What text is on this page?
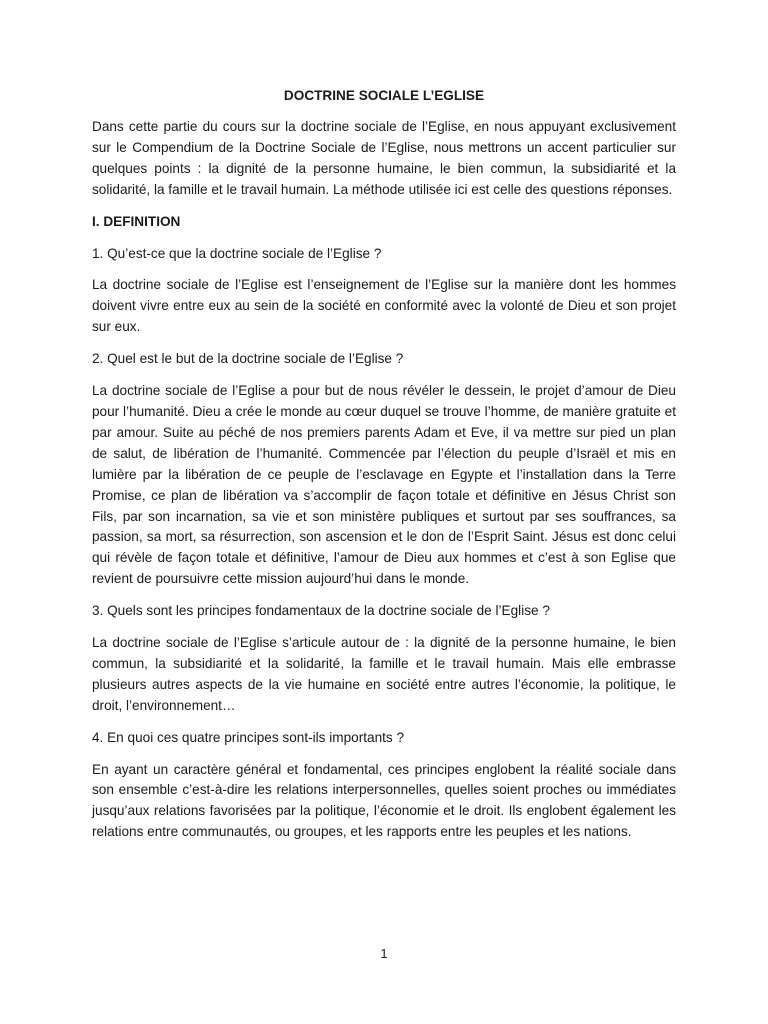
DOCTRINE SOCIALE L’EGLISE

Dans cette partie du cours sur la doctrine sociale de l’Eglise, en nous appuyant exclusivement sur le Compendium de la Doctrine Sociale de l’Eglise, nous mettrons un accent particulier sur quelques points : la dignité de la personne humaine, le bien commun, la subsidiarité et la solidarité, la famille et le travail humain. La méthode utilisée ici est celle des questions réponses.

I. DEFINITION

1. Qu’est-ce que la doctrine sociale de l’Eglise ?

La doctrine sociale de l’Eglise est l’enseignement de l’Eglise sur la manière dont les hommes doivent vivre entre eux au sein de la société en conformité avec la volonté de Dieu et son projet sur eux.

2. Quel est le but de la doctrine sociale de l’Eglise ?

La doctrine sociale de l’Eglise a pour but de nous révéler le dessein, le projet d’amour de Dieu pour l’humanité. Dieu a crée le monde au cœur duquel se trouve l’homme, de manière gratuite et par amour. Suite au péché de nos premiers parents Adam et Eve, il va mettre sur pied un plan de salut, de libération de l’humanité. Commencée par l’élection du peuple d’Israël et mis en lumière par la libération de ce peuple de l’esclavage en Egypte et l’installation dans la Terre Promise, ce plan de libération va s’accomplir de façon totale et définitive en Jésus Christ son Fils, par son incarnation, sa vie et son ministère publiques et surtout par ses souffrances, sa passion, sa mort, sa résurrection, son ascension et le don de l’Esprit Saint. Jésus est donc celui qui révèle de façon totale et définitive, l’amour de Dieu aux hommes et c’est à son Eglise que revient de poursuivre cette mission aujourd’hui dans le monde.

3. Quels sont les principes fondamentaux de la doctrine sociale de l’Eglise ?

La doctrine sociale de l’Eglise s’articule autour de : la dignité de la personne humaine, le bien commun, la subsidiarité et la solidarité, la famille et le travail humain. Mais elle embrasse plusieurs autres aspects de la vie humaine en société entre autres l’économie, la politique, le droit, l’environnement…

4. En quoi ces quatre principes sont-ils importants ?

En ayant un caractère général et fondamental, ces principes englobent la réalité sociale dans son ensemble c’est-à-dire les relations interpersonnelles, quelles soient proches ou immédiates jusqu’aux relations favorisées par la politique, l’économie et le droit. Ils englobent également les relations entre communautés, ou groupes, et les rapports entre les peuples et les nations.

1
